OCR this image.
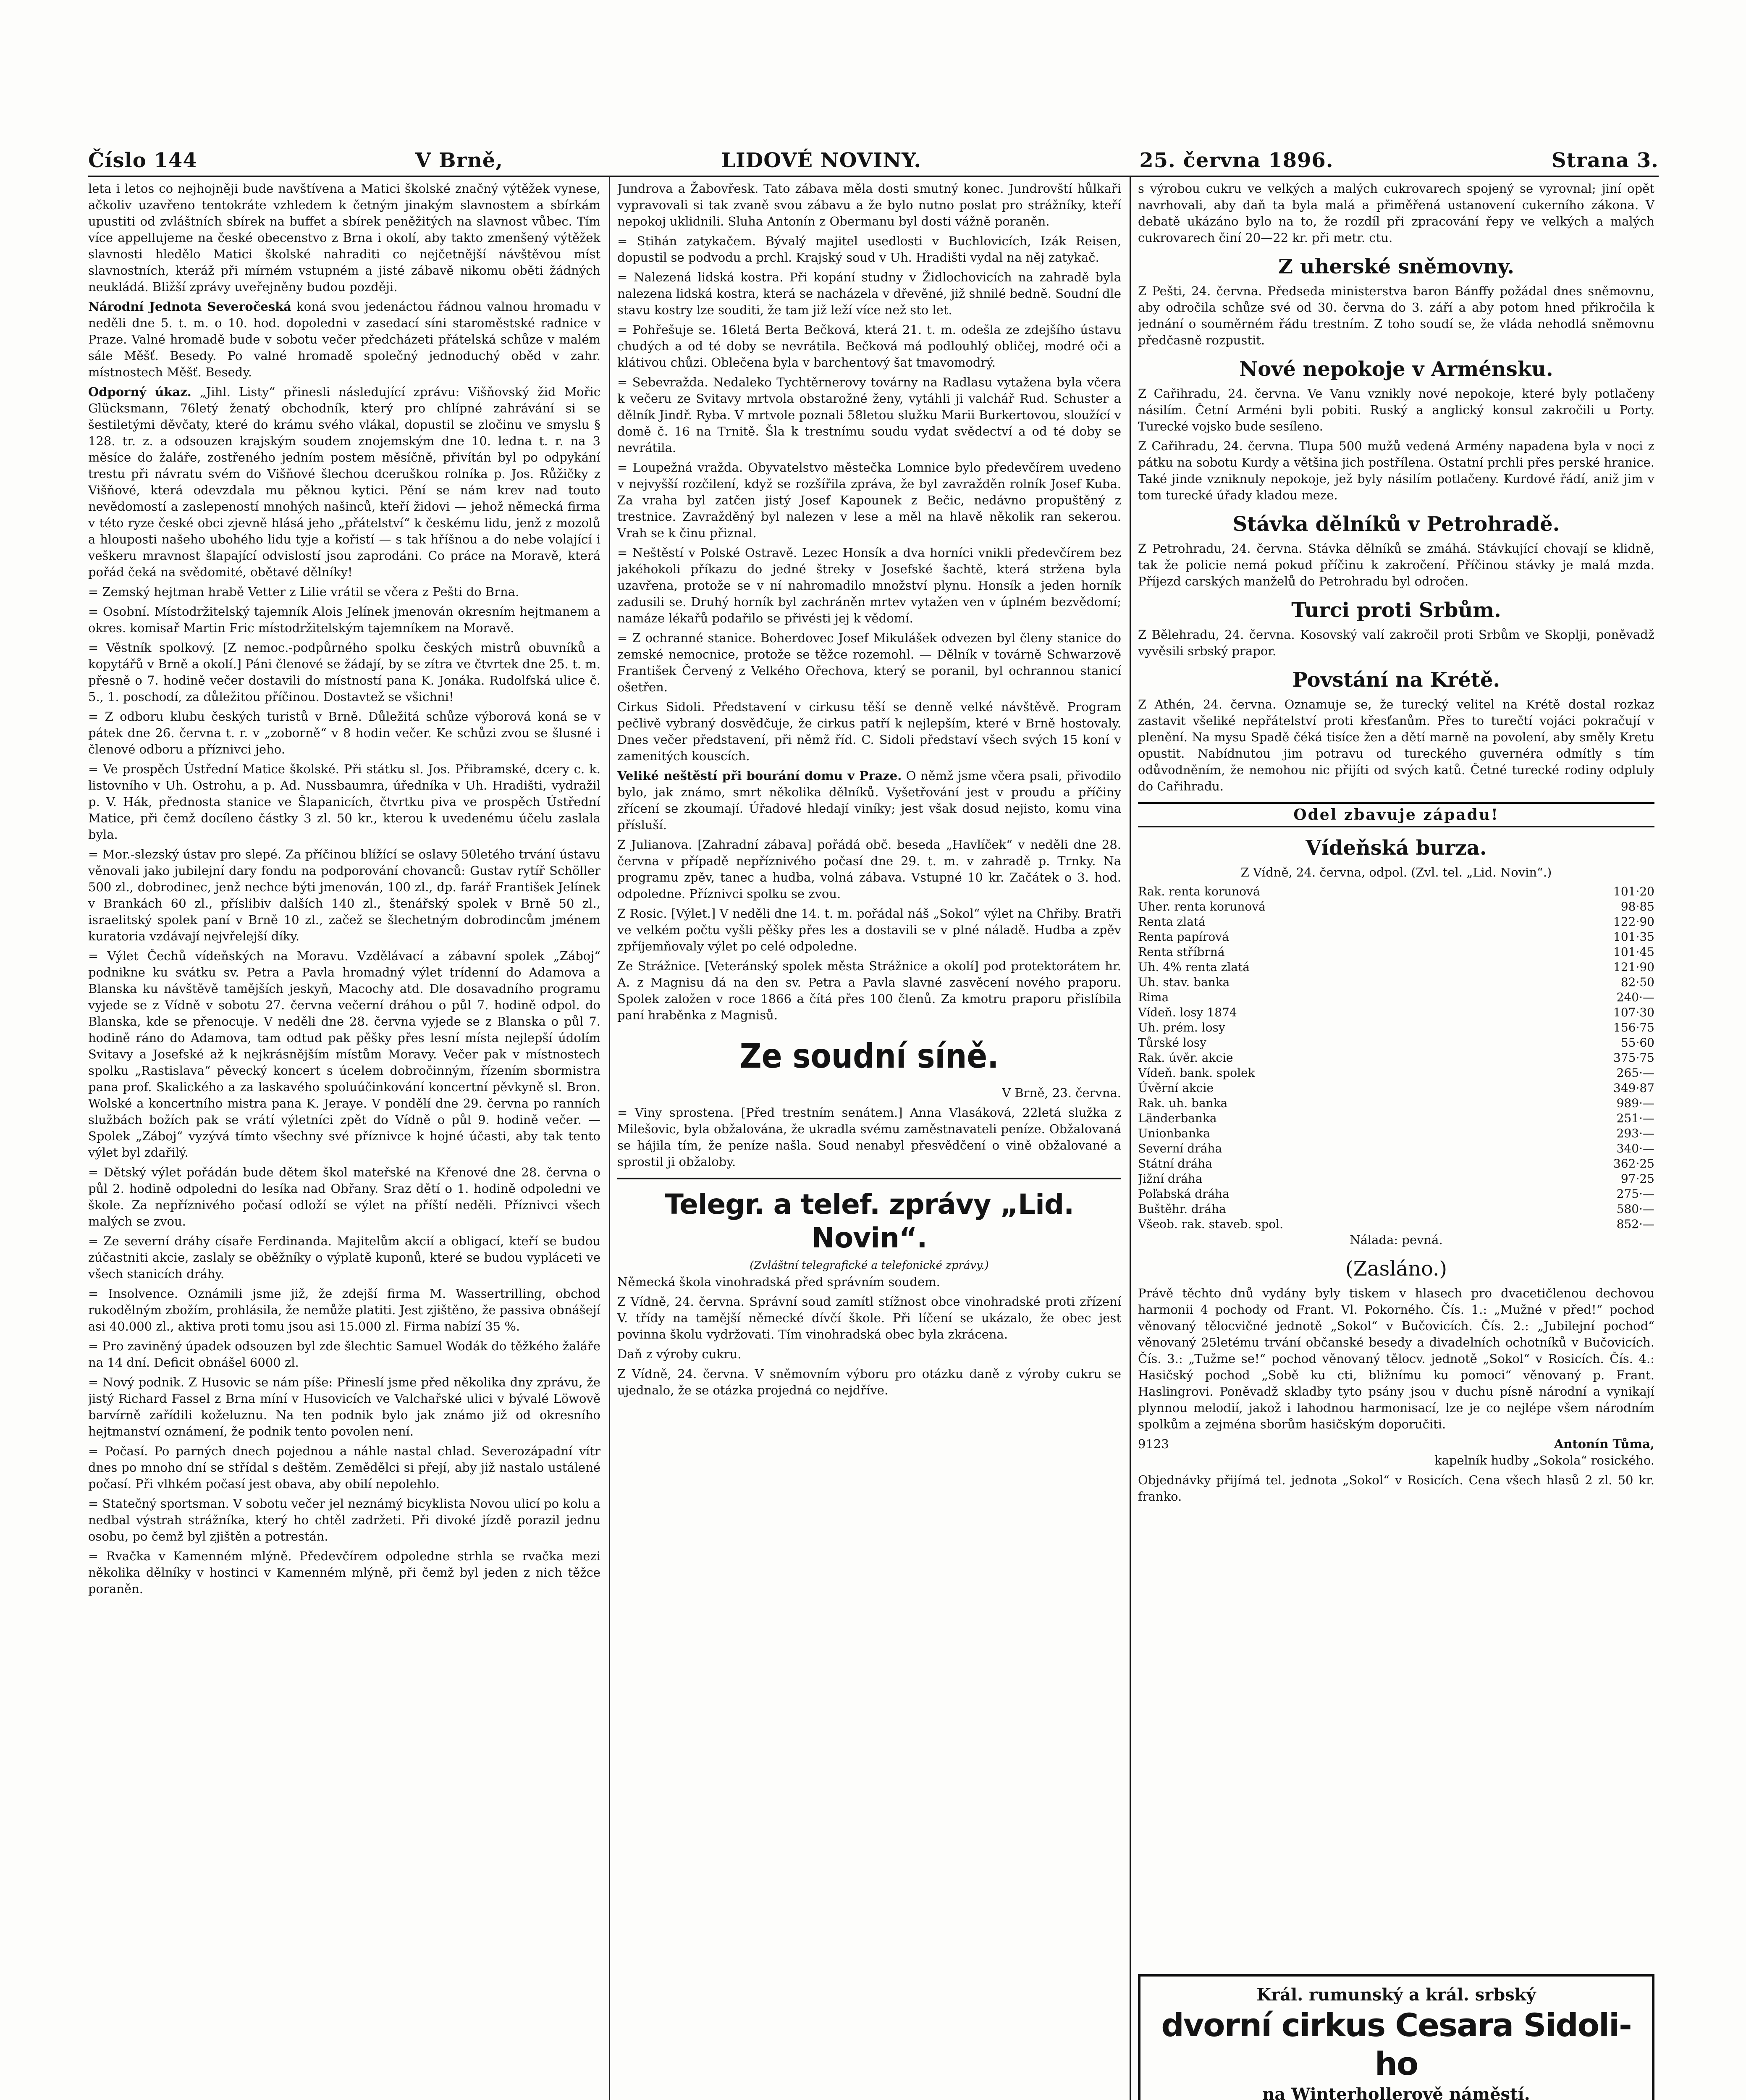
Číslo 144	V Brně,	LIDOVÉ NOVINY.	25. června 1896.	Strana 3.
leta i letos co nejhojněji bude navštívena a Matici školské značný výtěžek vynese, ačkoliv uzavřeno tentokráte vzhledem k četným jinakým slavnostem a sbírkám upustiti od zvláštních sbírek na buffet a sbírek peněžitých na slavnost vůbec. Tím více appellujeme na české obecenstvo z Brna i okolí, aby takto zmenšený výtěžek slavnosti hledělo Matici školské nahraditi co nejčetnější návštěvou míst slavnostních, kteráž při mírném vstupném a jisté zábavě nikomu oběti žádných neukládá. Bližší zprávy uveřejněny budou později.
Národní Jednota Severočeská koná svou jedenáctou řádnou valnou hromadu v neděli dne 5. t. m. o 10. hod. dopoledni v zasedací síni staroměstské radnice v Praze. Valné hromadě bude v sobotu večer předcházeti přátelská schůze v malém sále Měšť. Besedy. Po valné hromadě společný jednoduchý oběd v zahr. místnostech Měšť. Besedy.
Odporný úkaz. „Jihl. Listy“ přinesli následující zprávu: Višňovský žid Mořic Glücksmann, 76letý ženatý obchodník, který pro chlípné zahrávání si se šestiletými děvčaty, které do krámu svého vlákal, dopustil se zločinu ve smyslu § 128. tr. z. a odsouzen krajským soudem znojemským dne 10. ledna t. r. na 3 měsíce do žaláře, zostřeného jedním postem měsíčně, přivítán byl po odpykání trestu při návratu svém do Višňové šlechou dceruškou rolníka p. Jos. Růžičky z Višňové, která odevzdala mu pěknou kytici. Pění se nám krev nad touto nevědomostí a zaslepeností mnohých našinců, kteří židovi — jehož německá firma v této ryze české obci zjevně hlásá jeho „přátelství“ k českému lidu, jenž z mozolů a hlouposti našeho ubohého lidu tyje a kořistí — s tak hříšnou a do nebe volající i veškeru mravnost šlapající odvislostí jsou zaprodáni. Co práce na Moravě, která pořád čeká na svědomité, obětavé dělníky!
= Zemský hejtman hrabě Vetter z Lilie vrátil se včera z Pešti do Brna.
= Osobní. Místodržitelský tajemník Alois Jelínek jmenován okresním hejtmanem a okres. komisař Martin Fric místodržitelským tajemníkem na Moravě.
= Věstník spolkový. [Z nemoc.-podpůrného spolku českých mistrů obuvníků a kopytářů v Brně a okolí.] Páni členové se žádají, by se zítra ve čtvrtek dne 25. t. m. přesně o 7. hodině večer dostavili do místností pana K. Jonáka. Rudolfská ulice č. 5., 1. poschodí, za důležitou příčinou. Dostavtež se všichni!
= Z odboru klubu českých turistů v Brně. Důležitá schůze výborová koná se v pátek dne 26. června t. r. v „zoborně“ v 8 hodin večer. Ke schůzi zvou se šlusné i členové odboru a příznivci jeho.
= Ve prospěch Ústřední Matice školské. Při státku sl. Jos. Přibramské, dcery c. k. listovního v Uh. Ostrohu, a p. Ad. Nussbaumra, úředníka v Uh. Hradišti, vydražil p. V. Hák, přednosta stanice ve Šlapanicích, čtvrtku piva ve prospěch Ústřední Matice, při čemž docíleno částky 3 zl. 50 kr., kterou k uvedenému účelu zaslala byla.
= Mor.-slezský ústav pro slepé. Za příčinou blížící se oslavy 50letého trvání ústavu věnovali jako jubilejní dary fondu na podporování chovanců: Gustav rytíř Schöller 500 zl., dobrodinec, jenž nechce býti jmenován, 100 zl., dp. farář František Jelínek v Brankách 60 zl., příslibiv dalších 140 zl., štenářský spolek v Brně 50 zl., israelitský spolek paní v Brně 10 zl., začež se šlechetným dobrodincům jménem kuratoria vzdávají nejvřelejší díky.
= Výlet Čechů vídeňských na Moravu. Vzdělávací a zábavní spolek „Záboj“ podnikne ku svátku sv. Petra a Pavla hromadný výlet trídenní do Adamova a Blanska ku návštěvě tamějších jeskyň, Macochy atd. Dle dosavadního programu vyjede se z Vídně v sobotu 27. června večerní dráhou o půl 7. hodině odpol. do Blanska, kde se přenocuje. V neděli dne 28. června vyjede se z Blanska o půl 7. hodině ráno do Adamova, tam odtud pak pěšky přes lesní místa nejlepší údolím Svitavy a Josefské až k nejkrásnějším místům Moravy. Večer pak v místnostech spolku „Rastislava“ pěvecký koncert s úcelem dobročinným, řízením sbormistra pana prof. Skalického a za laskavého spoluúčinkování koncertní pěvkyně sl. Bron. Wolské a koncertního mistra pana K. Jeraye. V pondělí dne 29. června po ranních službách božích pak se vrátí výletníci zpět do Vídně o půl 9. hodině večer. — Spolek „Záboj“ vyzývá tímto všechny své příznivce k hojné účasti, aby tak tento výlet byl zdařilý.
= Dětský výlet pořádán bude dětem škol mateřské na Křenové dne 28. června o půl 2. hodině odpoledni do lesíka nad Obřany. Sraz dětí o 1. hodině odpoledni ve škole. Za nepříznivého počasí odloží se výlet na příští neděli. Příznivci všech malých se zvou.
= Ze severní dráhy císaře Ferdinanda. Majitelům akcií a obligací, kteří se budou zúčastniti akcie, zaslaly se oběžníky o výplatě kuponů, které se budou vypláceti ve všech stanicích dráhy.
= Insolvence. Oznámili jsme již, že zdejší firma M. Wassertrilling, obchod rukodělným zbožím, prohlásila, že nemůže platiti. Jest zjištěno, že passiva obnášejí asi 40.000 zl., aktiva proti tomu jsou asi 15.000 zl. Firma nabízí 35 %.
= Pro zaviněný úpadek odsouzen byl zde šlechtic Samuel Wodák do těžkého žaláře na 14 dní. Deficit obnášel 6000 zl.
= Nový podnik. Z Husovic se nám píše: Přineslí jsme před několika dny zprávu, že jistý Richard Fassel z Brna míní v Husovicích ve Valchařské ulici v bývalé Löwově barvírně zařídili koželuznu. Na ten podnik bylo jak známo již od okresního hejtmanství oznámení, že podnik tento povolen není.
= Počasí. Po parných dnech pojednou a náhle nastal chlad. Severozápadní vítr dnes po mnoho dní se střídal s deštěm. Zemědělci si přejí, aby již nastalo ustálené počasí. Při vlhkém počasí jest obava, aby obilí nepolehlo.
= Statečný sportsman. V sobotu večer jel neznámý bicyklista Novou ulicí po kolu a nedbal výstrah strážníka, který ho chtěl zadržeti. Při divoké jízdě porazil jednu osobu, po čemž byl zjištěn a potrestán.
= Rvačka v Kamenném mlýně. Předevčírem odpoledne strhla se rvačka mezi několika dělníky v hostinci v Kamenném mlýně, při čemž byl jeden z nich těžce poraněn.
Jundrova a Žabovřesk. Tato zábava měla dosti smutný konec. Jundrovští hůlkaři vypravovali si tak zvaně svou zábavu a že bylo nutno poslat pro strážníky, kteří nepokoj uklidnili. Sluha Antonín z Obermanu byl dosti vážně poraněn.
= Stihán zatykačem. Bývalý majitel usedlosti v Buchlovicích, Izák Reisen, dopustil se podvodu a prchl. Krajský soud v Uh. Hradišti vydal na něj zatykač.
= Nalezená lidská kostra. Při kopání studny v Židlochovicích na zahradě byla nalezena lidská kostra, která se nacházela v dřevěné, již shnilé bedně. Soudní dle stavu kostry lze souditi, že tam již leží více než sto let.
= Pohřešuje se. 16letá Berta Bečková, která 21. t. m. odešla ze zdejšího ústavu chudých a od té doby se nevrátila. Bečková má podlouhlý obličej, modré oči a klátivou chůzi. Oblečena byla v barchentový šat tmavomodrý.
= Sebevražda. Nedaleko Tychtěrnerovy továrny na Radlasu vytažena byla včera k večeru ze Svitavy mrtvola obstarožné ženy, vytáhli ji valchář Rud. Schuster a dělník Jindř. Ryba. V mrtvole poznali 58letou služku Marii Burkertovou, sloužící v domě č. 16 na Trnitě. Šla k trestnímu soudu vydat svědectví a od té doby se nevrátila.
= Loupežná vražda. Obyvatelstvo městečka Lomnice bylo předevčírem uvedeno v nejvyšší rozčilení, když se rozšířila zpráva, že byl zavražděn rolník Josef Kuba. Za vraha byl zatčen jistý Josef Kapounek z Bečic, nedávno propuštěný z trestnice. Zavražděný byl nalezen v lese a měl na hlavě několik ran sekerou. Vrah se k činu přiznal.
= Neštěstí v Polské Ostravě. Lezec Honsík a dva horníci vnikli předevčírem bez jakéhokoli příkazu do jedné štreky v Josefské šachtě, která stržena byla uzavřena, protože se v ní nahromadilo množství plynu. Honsík a jeden horník zadusili se. Druhý horník byl zachráněn mrtev vytažen ven v úplném bezvědomí; namáze lékařů podařilo se přivésti jej k vědomí.
= Z ochranné stanice. Boherdovec Josef Mikulášek odvezen byl členy stanice do zemské nemocnice, protože se těžce rozemohl. — Dělník v továrně Schwarzově František Červený z Velkého Ořechova, který se poranil, byl ochrannou stanicí ošetřen.
Cirkus Sidoli. Představení v cirkusu těší se denně velké návštěvě. Program pečlivě vybraný dosvědčuje, že cirkus patří k nejlepším, které v Brně hostovaly. Dnes večer představení, při němž říd. C. Sidoli představí všech svých 15 koní v zamenitých kouscích.
Veliké neštěstí při bourání domu v Praze. O němž jsme včera psali, přivodilo bylo, jak známo, smrt několika dělníků. Vyšetřování jest v proudu a příčiny zřícení se zkoumají. Úřadové hledají viníky; jest však dosud nejisto, komu vina přísluší.
Z Julianova. [Zahradní zábava] pořádá obč. beseda „Havlíček“ v neděli dne 28. června v případě nepříznivého počasí dne 29. t. m. v zahradě p. Trnky. Na programu zpěv, tanec a hudba, volná zábava. Vstupné 10 kr. Začátek o 3. hod. odpoledne. Příznivci spolku se zvou.
Z Rosic. [Výlet.] V neděli dne 14. t. m. pořádal náš „Sokol“ výlet na Chřiby. Bratři ve velkém počtu vyšli pěšky přes les a dostavili se v plné náladě. Hudba a zpěv zpříjemňovaly výlet po celé odpoledne.
Ze Strážnice. [Veteránský spolek města Strážnice a okolí] pod protektorátem hr. A. z Magnisu dá na den sv. Petra a Pavla slavné zasvěcení nového praporu. Spolek založen v roce 1866 a čítá přes 100 členů. Za kmotru praporu přislíbila paní hraběnka z Magnisů.
Ze soudní síně.
V Brně, 23. června.
= Viny sprostena. [Před trestním senátem.] Anna Vlasáková, 22letá služka z Milešovic, byla obžalována, že ukradla svému zaměstnavateli peníze. Obžalovaná se hájila tím, že peníze našla. Soud nenabyl přesvědčení o vině obžalované a sprostil ji obžaloby.
Telegr. a telef. zprávy „Lid. Novin“.
(Zvláštní telegrafické a telefonické zprávy.)
Německá škola vinohradská před správním soudem.
Z Vídně, 24. června. Správní soud zamítl stížnost obce vinohradské proti zřízení V. třídy na tamější německé dívčí škole. Při líčení se ukázalo, že obec jest povinna školu vydržovati. Tím vinohradská obec byla zkrácena.
Daň z výroby cukru.
Z Vídně, 24. června. V sněmovním výboru pro otázku daně z výroby cukru se ujednalo, že se otázka projedná co nejdříve.
s výrobou cukru ve velkých a malých cukrovarech spojený se vyrovnal; jiní opět navrhovali, aby daň ta byla malá a přiměřená ustanovení cukerního zákona. V debatě ukázáno bylo na to, že rozdíl při zpracování řepy ve velkých a malých cukrovarech činí 20—22 kr. při metr. ctu.
Z uherské sněmovny.
Z Pešti, 24. června. Předseda ministerstva baron Bánffy požádal dnes sněmovnu, aby odročila schůze své od 30. června do 3. září a aby potom hned přikročila k jednání o souměrném řádu trestním. Z toho soudí se, že vláda nehodlá sněmovnu předčasně rozpustit.
Nové nepokoje v Arménsku.
Z Cařihradu, 24. června. Ve Vanu vznikly nové nepokoje, které byly potlačeny násilím. Četní Arméni byli pobiti. Ruský a anglický konsul zakročili u Porty. Turecké vojsko bude sesíleno.
Z Cařihradu, 24. června. Tlupa 500 mužů vedená Armény napadena byla v noci z pátku na sobotu Kurdy a většina jich postřílena. Ostatní prchli přes perské hranice. Také jinde vzniknuly nepokoje, jež byly násilím potlačeny. Kurdové řádí, aniž jim v tom turecké úřady kladou meze.
Stávka dělníků v Petrohradě.
Z Petrohradu, 24. června. Stávka dělníků se zmáhá. Stávkující chovají se klidně, tak že policie nemá pokud příčinu k zakročení. Příčinou stávky je malá mzda. Příjezd carských manželů do Petrohradu byl odročen.
Turci proti Srbům.
Z Bělehradu, 24. června. Kosovský valí zakročil proti Srbům ve Skoplji, poněvadž vyvěsili srbský prapor.
Povstání na Krétě.
Z Athén, 24. června. Oznamuje se, že turecký velitel na Krétě dostal rozkaz zastavit všeliké nepřátelství proti křesťanům. Přes to turečtí vojáci pokračují v plenění. Na mysu Spadě čéká tisíce žen a dětí marně na povolení, aby směly Kretu opustit. Nabídnutou jim potravu od tureckého guvernéra odmítly s tím odůvodněním, že nemohou nic přijíti od svých katů. Četné turecké rodiny odpluly do Cařihradu.
Odel zbavuje západu!
Vídeňská burza.
Z Vídně, 24. června, odpol. (Zvl. tel. „Lid. Novin“.)
Rak. renta korunová	101·20
Uher. renta korunová	98·85
Renta zlatá	122·90
Renta papírová	101·35
Renta stříbrná	101·45
Uh. 4% renta zlatá	121·90
Uh. stav. banka	82·50
Rima	240·—
Vídeň. losy 1874	107·30
Uh. prém. losy	156·75
Tůrské losy	55·60
Rak. úvěr. akcie	375·75
Vídeň. bank. spolek	265·—
Úvěrní akcie	349·87
Rak. uh. banka	989·—
Länderbanka	251·—
Unionbanka	293·—
Severní dráha	340·—
Státní dráha	362·25
Jižní dráha	97·25
Poľabská dráha	275·—
Buštěhr. dráha	580·—
Všeob. rak. staveb. spol.	852·—
Nálada: pevná.
(Zasláno.)
Právě těchto dnů vydány byly tiskem v hlasech pro dvacetičlenou dechovou harmonii 4 pochody od Frant. Vl. Pokorného. Čís. 1.: „Mužné v před!“ pochod věnovaný tělocvičné jednotě „Sokol“ v Bučovicích. Čís. 2.: „Jubilejní pochod“ věnovaný 25letému trvání občanské besedy a divadelních ochotníků v Bučovicích. Čís. 3.: „Tužme se!“ pochod věnovaný tělocv. jednotě „Sokol“ v Rosicích. Čís. 4.: Hasičský pochod „Sobě ku cti, bližnímu ku pomoci“ věnovaný p. Frant. Haslingrovi. Poněvadž skladby tyto psány jsou v duchu písně národní a vynikají plynnou melodií, jakož i lahodnou harmonisací, lze je co nejlépe všem národním spolkům a zejména sborům hasičským doporučiti.
9123	Antonín Tůma,
kapelník hudby „Sokola“ rosického.
Objednávky přijímá tel. jednota „Sokol“ v Rosicích. Cena všech hlasů 2 zl. 50 kr. franko.
Král. rumunský a král. srbský
dvorní cirkus Cesara Sidoli-ho
na Winterhollerově náměstí.
